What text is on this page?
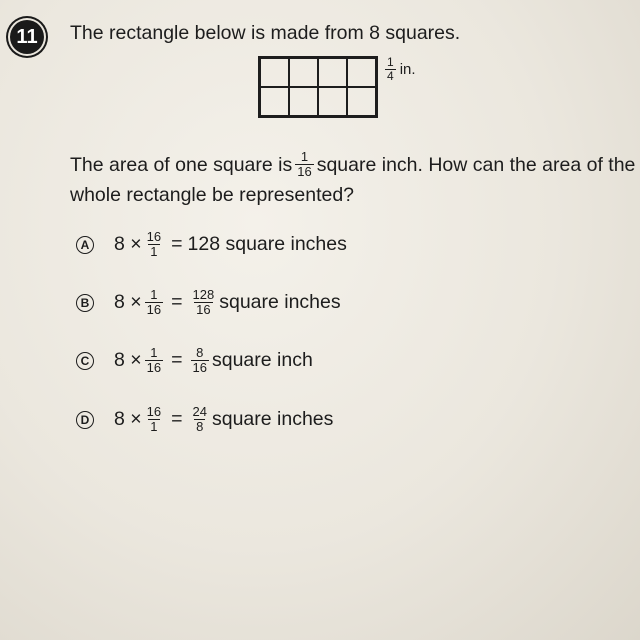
11	The rectangle below is made from 8 squares.
$\frac{1}{4}$ in.
The area of one square is $\frac{1}{16}$ square inch. How can the area of the
whole rectangle be represented?
A $8 \times \frac{16}{1} = 128$ square inches
B $8 \times \frac{1}{16} = \frac{128}{16}$ square inches
C $8 \times \frac{1}{16} = \frac{8}{16}$ square inch
D $8 \times \frac{16}{1} = \frac{24}{8}$ square inches
